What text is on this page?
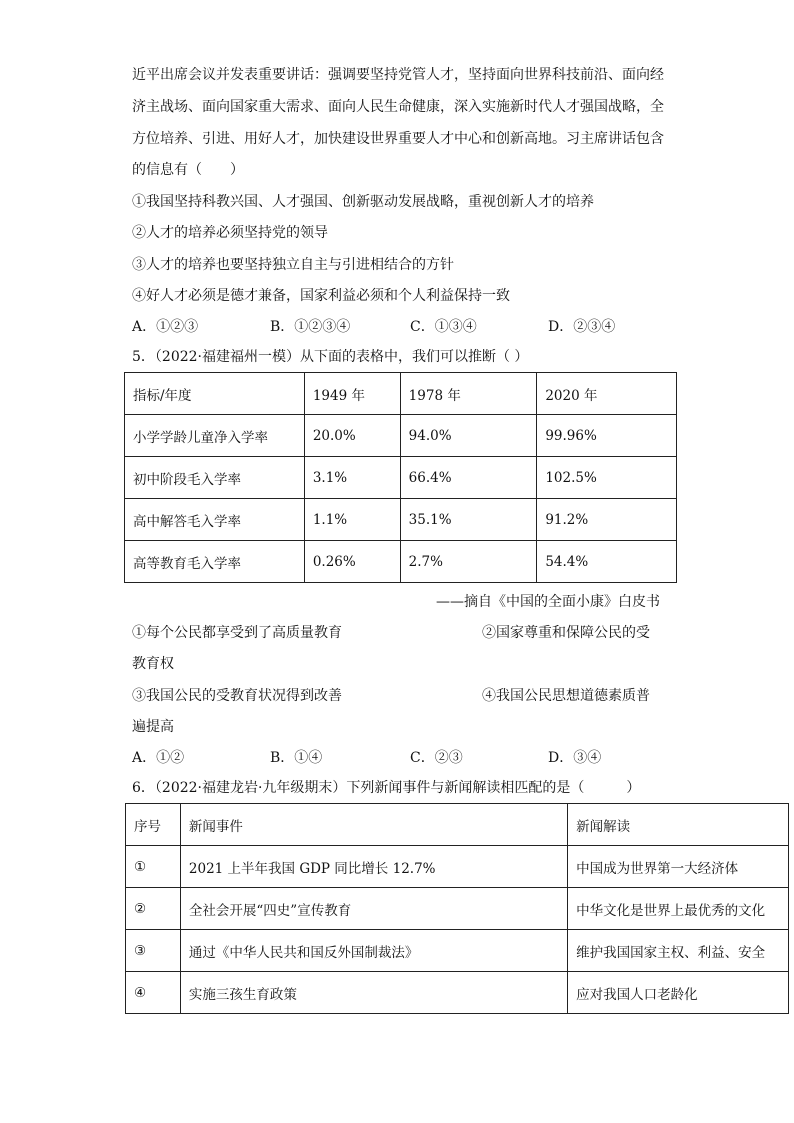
近平出席会议并发表重要讲话：强调要坚持党管人才，坚持面向世界科技前沿、面向经
济主战场、面向国家重大需求、面向人民生命健康，深入实施新时代人才强国战略，全
方位培养、引进、用好人才，加快建设世界重要人才中心和创新高地。习主席讲话包含
的信息有（　　）
①我国坚持科教兴国、人才强国、创新驱动发展战略，重视创新人才的培养
②人才的培养必须坚持党的领导
③人才的培养也要坚持独立自主与引进相结合的方针
④好人才必须是德才兼备，国家利益必须和个人利益保持一致
A．①②③	B．①②③④	C．①③④	D．②③④
5．（2022·福建福州一模）从下面的表格中，我们可以推断（ ）
指标/年度	1949 年	1978 年	2020 年
小学学龄儿童净入学率	20.0%	94.0%	99.96%
初中阶段毛入学率	3.1%	66.4%	102.5%
高中解答毛入学率	1.1%	35.1%	91.2%
高等教育毛入学率	0.26%	2.7%	54.4%
——摘自《中国的全面小康》白皮书
①每个公民都享受到了高质量教育	②国家尊重和保障公民的受
教育权
③我国公民的受教育状况得到改善	④我国公民思想道德素质普
遍提高
A．①②	B．①④	C．②③	D．③④
6．（2022·福建龙岩·九年级期末）下列新闻事件与新闻解读相匹配的是（　　　）
序号	新闻事件	新闻解读
①	2021 上半年我国 GDP 同比增长 12.7%	中国成为世界第一大经济体
②	全社会开展“四史”宣传教育	中华文化是世界上最优秀的文化
③	通过《中华人民共和国反外国制裁法》	维护我国国家主权、利益、安全
④	实施三孩生育政策	应对我国人口老龄化
